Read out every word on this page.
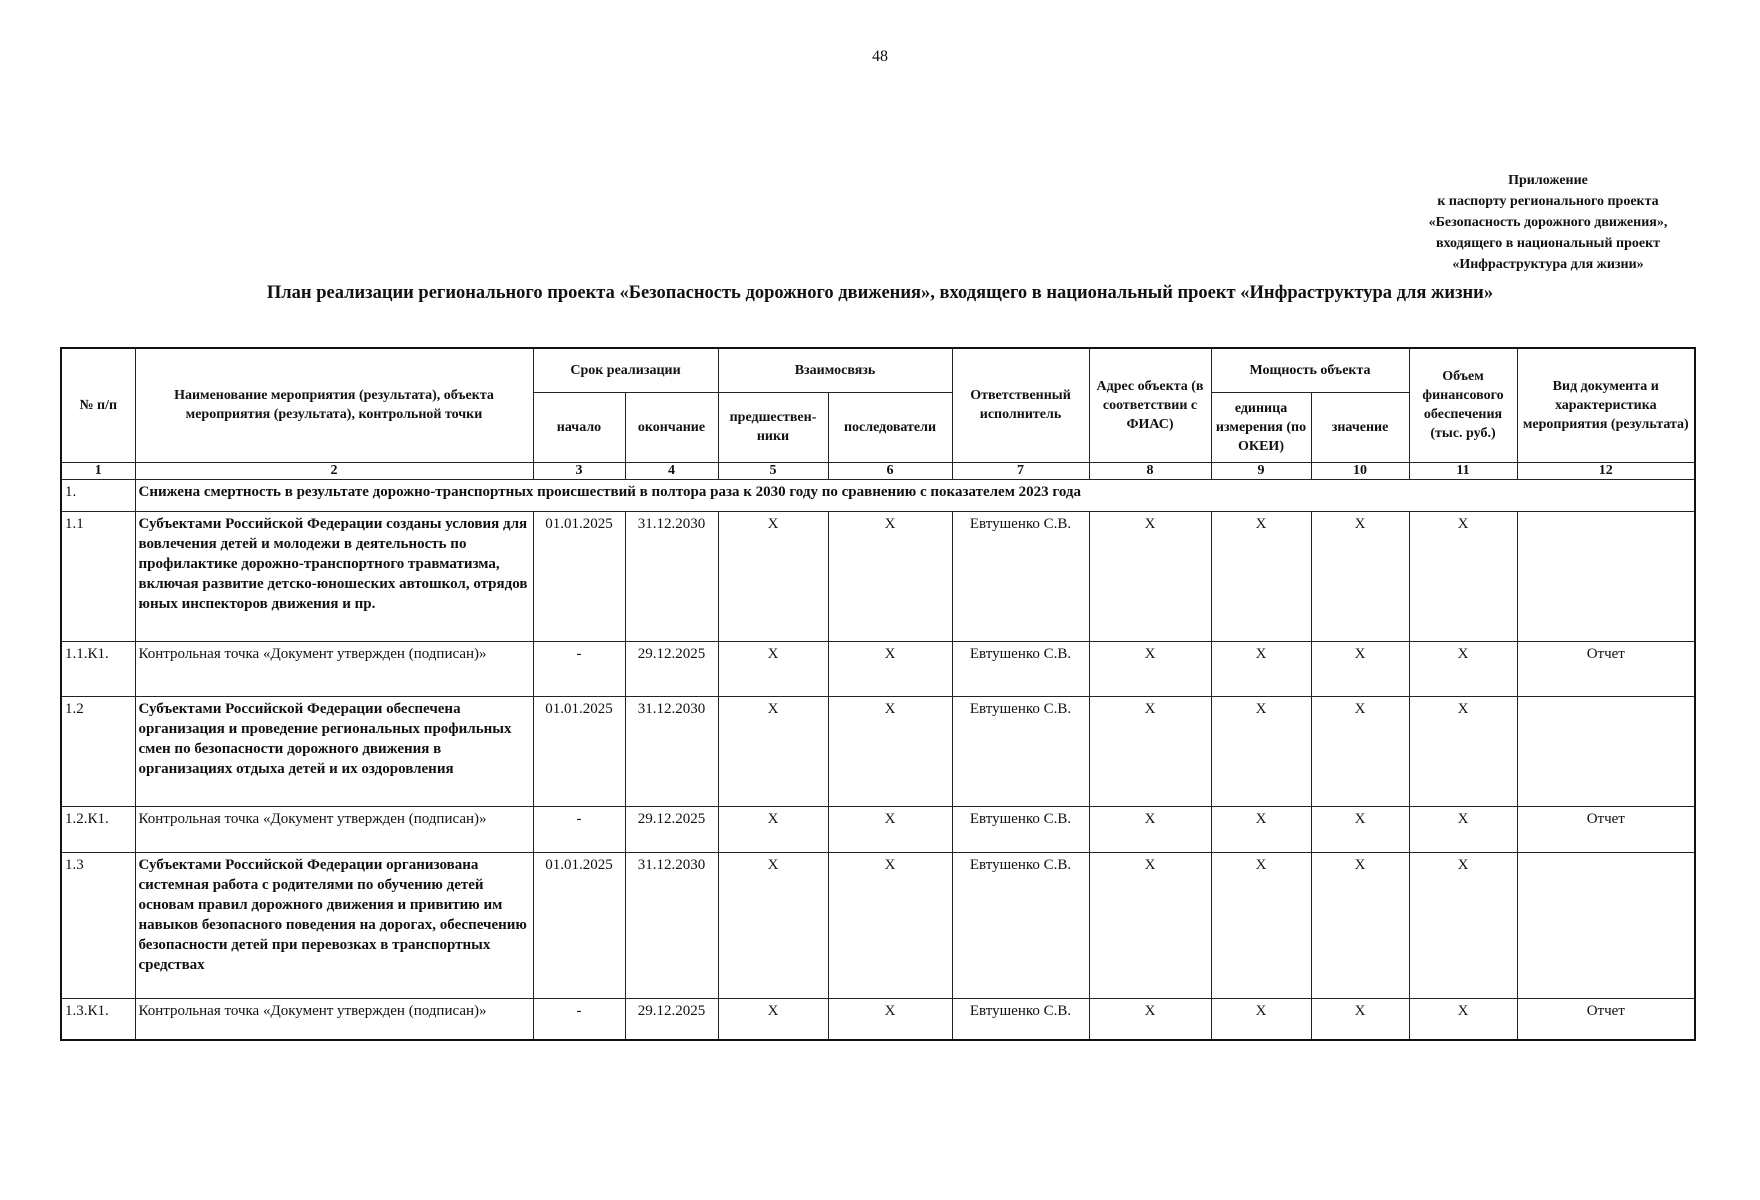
48
Приложение
к паспорту регионального проекта
«Безопасность дорожного движения»,
входящего в национальный проект
«Инфраструктура для жизни»
План реализации регионального проекта «Безопасность дорожного движения», входящего в национальный проект «Инфраструктура для жизни»
№ п/п	Наименование мероприятия (результата), объекта мероприятия (результата), контрольной точки	Срок реализации		Взаимосвязь		Ответственный исполнитель	Адрес объекта (в соответствии с ФИАС)	Мощность объекта		Объем финансового обеспечения (тыс. руб.)	Вид документа и характеристика мероприятия (результата)
		начало	окончание	предшествен-ники	последователи			единица измерения (по ОКЕИ)	значение		
1	2	3	4	5	6	7	8	9	10	11	12
1.	Снижена смертность в результате дорожно-транспортных происшествий в полтора раза к 2030 году по сравнению с показателем 2023 года										
1.1	Субъектами Российской Федерации созданы условия для вовлечения детей и молодежи в деятельность по профилактике дорожно-транспортного травматизма, включая развитие детско-юношеских автошкол, отрядов юных инспекторов движения и пр.	01.01.2025	31.12.2030	X	X	Евтушенко С.В.	X	X	X	X	
1.1.К1.	Контрольная точка «Документ утвержден (подписан)»	-	29.12.2025	X	X	Евтушенко С.В.	X	X	X	X	Отчет
1.2	Субъектами Российской Федерации обеспечена организация и проведение региональных профильных смен по безопасности дорожного движения в организациях отдыха детей и их оздоровления	01.01.2025	31.12.2030	X	X	Евтушенко С.В.	X	X	X	X	
1.2.К1.	Контрольная точка «Документ утвержден (подписан)»	-	29.12.2025	X	X	Евтушенко С.В.	X	X	X	X	Отчет
1.3	Субъектами Российской Федерации организована системная работа с родителями по обучению детей основам правил дорожного движения и привитию им навыков безопасного поведения на дорогах, обеспечению безопасности детей при перевозках в транспортных средствах	01.01.2025	31.12.2030	X	X	Евтушенко С.В.	X	X	X	X	
1.3.К1.	Контрольная точка «Документ утвержден (подписан)»	-	29.12.2025	X	X	Евтушенко С.В.	X	X	X	X	Отчет
